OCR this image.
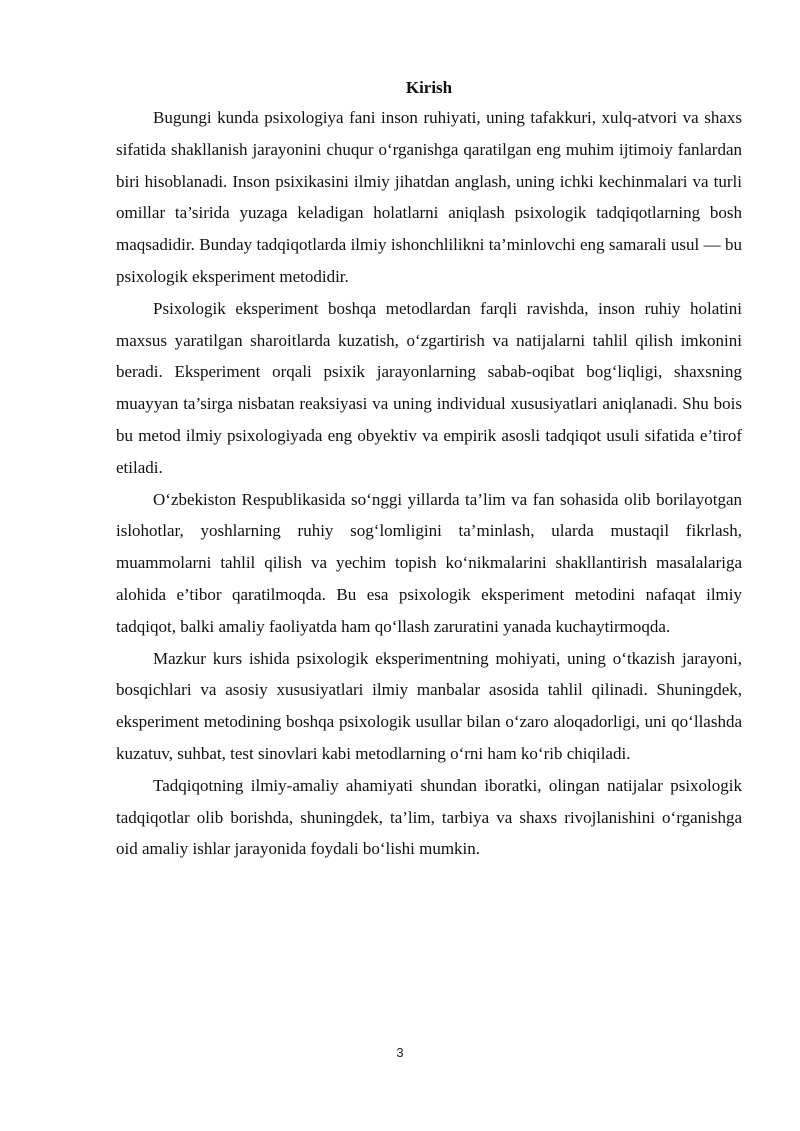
Kirish

Bugungi kunda psixologiya fani inson ruhiyati, uning tafakkuri, xulq-atvori va shaxs sifatida shakllanish jarayonini chuqur o‘rganishga qaratilgan eng muhim ijtimoiy fanlardan biri hisoblanadi. Inson psixikasini ilmiy jihatdan anglash, uning ichki kechinmalari va turli omillar ta’sirida yuzaga keladigan holatlarni aniqlash psixologik tadqiqotlarning bosh maqsadidir. Bunday tadqiqotlarda ilmiy ishonchlilikni ta’minlovchi eng samarali usul — bu psixologik eksperiment metodidir.

Psixologik eksperiment boshqa metodlardan farqli ravishda, inson ruhiy holatini maxsus yaratilgan sharoitlarda kuzatish, o‘zgartirish va natijalarni tahlil qilish imkonini beradi. Eksperiment orqali psixik jarayonlarning sabab-oqibat bog‘liqligi, shaxsning muayyan ta’sirga nisbatan reaksiyasi va uning individual xususiyatlari aniqlanadi. Shu bois bu metod ilmiy psixologiyada eng obyektiv va empirik asosli tadqiqot usuli sifatida e’tirof etiladi.

O‘zbekiston Respublikasida so‘nggi yillarda ta’lim va fan sohasida olib borilayotgan islohotlar, yoshlarning ruhiy sog‘lomligini ta’minlash, ularda mustaqil fikrlash, muammolarni tahlil qilish va yechim topish ko‘nikmalarini shakllantirish masalalariga alohida e’tibor qaratilmoqda. Bu esa psixologik eksperiment metodini nafaqat ilmiy tadqiqot, balki amaliy faoliyatda ham qo‘llash zaruratini yanada kuchaytirmoqda.

Mazkur kurs ishida psixologik eksperimentning mohiyati, uning o‘tkazish jarayoni, bosqichlari va asosiy xususiyatlari ilmiy manbalar asosida tahlil qilinadi. Shuningdek, eksperiment metodining boshqa psixologik usullar bilan o‘zaro aloqadorligi, uni qo‘llashda kuzatuv, suhbat, test sinovlari kabi metodlarning o‘rni ham ko‘rib chiqiladi.

Tadqiqotning ilmiy-amaliy ahamiyati shundan iboratki, olingan natijalar psixologik tadqiqotlar olib borishda, shuningdek, ta’lim, tarbiya va shaxs rivojlanishini o‘rganishga oid amaliy ishlar jarayonida foydali bo‘lishi mumkin.

3
